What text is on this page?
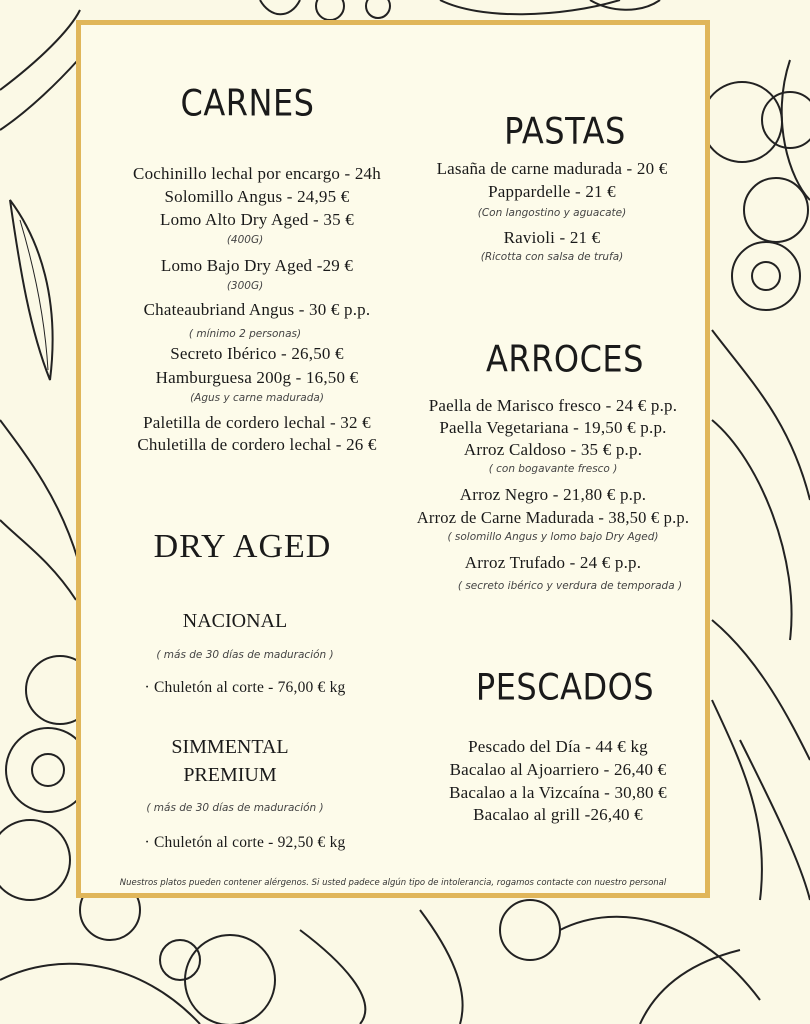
CARNES
Cochinillo lechal por encargo - 24h
Solomillo Angus - 24,95 €
Lomo Alto Dry Aged - 35 €
(400G)
Lomo Bajo Dry Aged -29 €
(300G)
Chateaubriand Angus - 30 € p.p.
( mínimo 2 personas)
Secreto Ibérico - 26,50 €
Hamburguesa 200g - 16,50 €
(Agus y carne madurada)
Paletilla de cordero lechal - 32 €
Chuletilla de cordero lechal - 26 €
DRY AGED
NACIONAL
( más de 30 días de maduración )
· Chuletón al corte - 76,00 € kg
SIMMENTAL
PREMIUM
( más de 30 días de maduración )
· Chuletón al corte - 92,50 € kg
PASTAS
Lasaña de carne madurada - 20 €
Pappardelle - 21 €
(Con langostino y aguacate)
Ravioli - 21 €
(Ricotta con salsa de trufa)
ARROCES
Paella de Marisco fresco - 24 € p.p.
Paella Vegetariana - 19,50 € p.p.
Arroz Caldoso - 35 € p.p.
( con bogavante fresco )
Arroz Negro - 21,80 € p.p.
Arroz de Carne Madurada - 38,50 € p.p.
( solomillo Angus y lomo bajo Dry Aged)
Arroz Trufado - 24 € p.p.
( secreto ibérico y verdura de temporada )
PESCADOS
Pescado del Día - 44 € kg
Bacalao al Ajoarriero - 26,40 €
Bacalao a la Vizcaína - 30,80 €
Bacalao al grill -26,40 €
Nuestros platos pueden contener alérgenos. Si usted padece algún tipo de intolerancia, rogamos contacte con nuestro personal
